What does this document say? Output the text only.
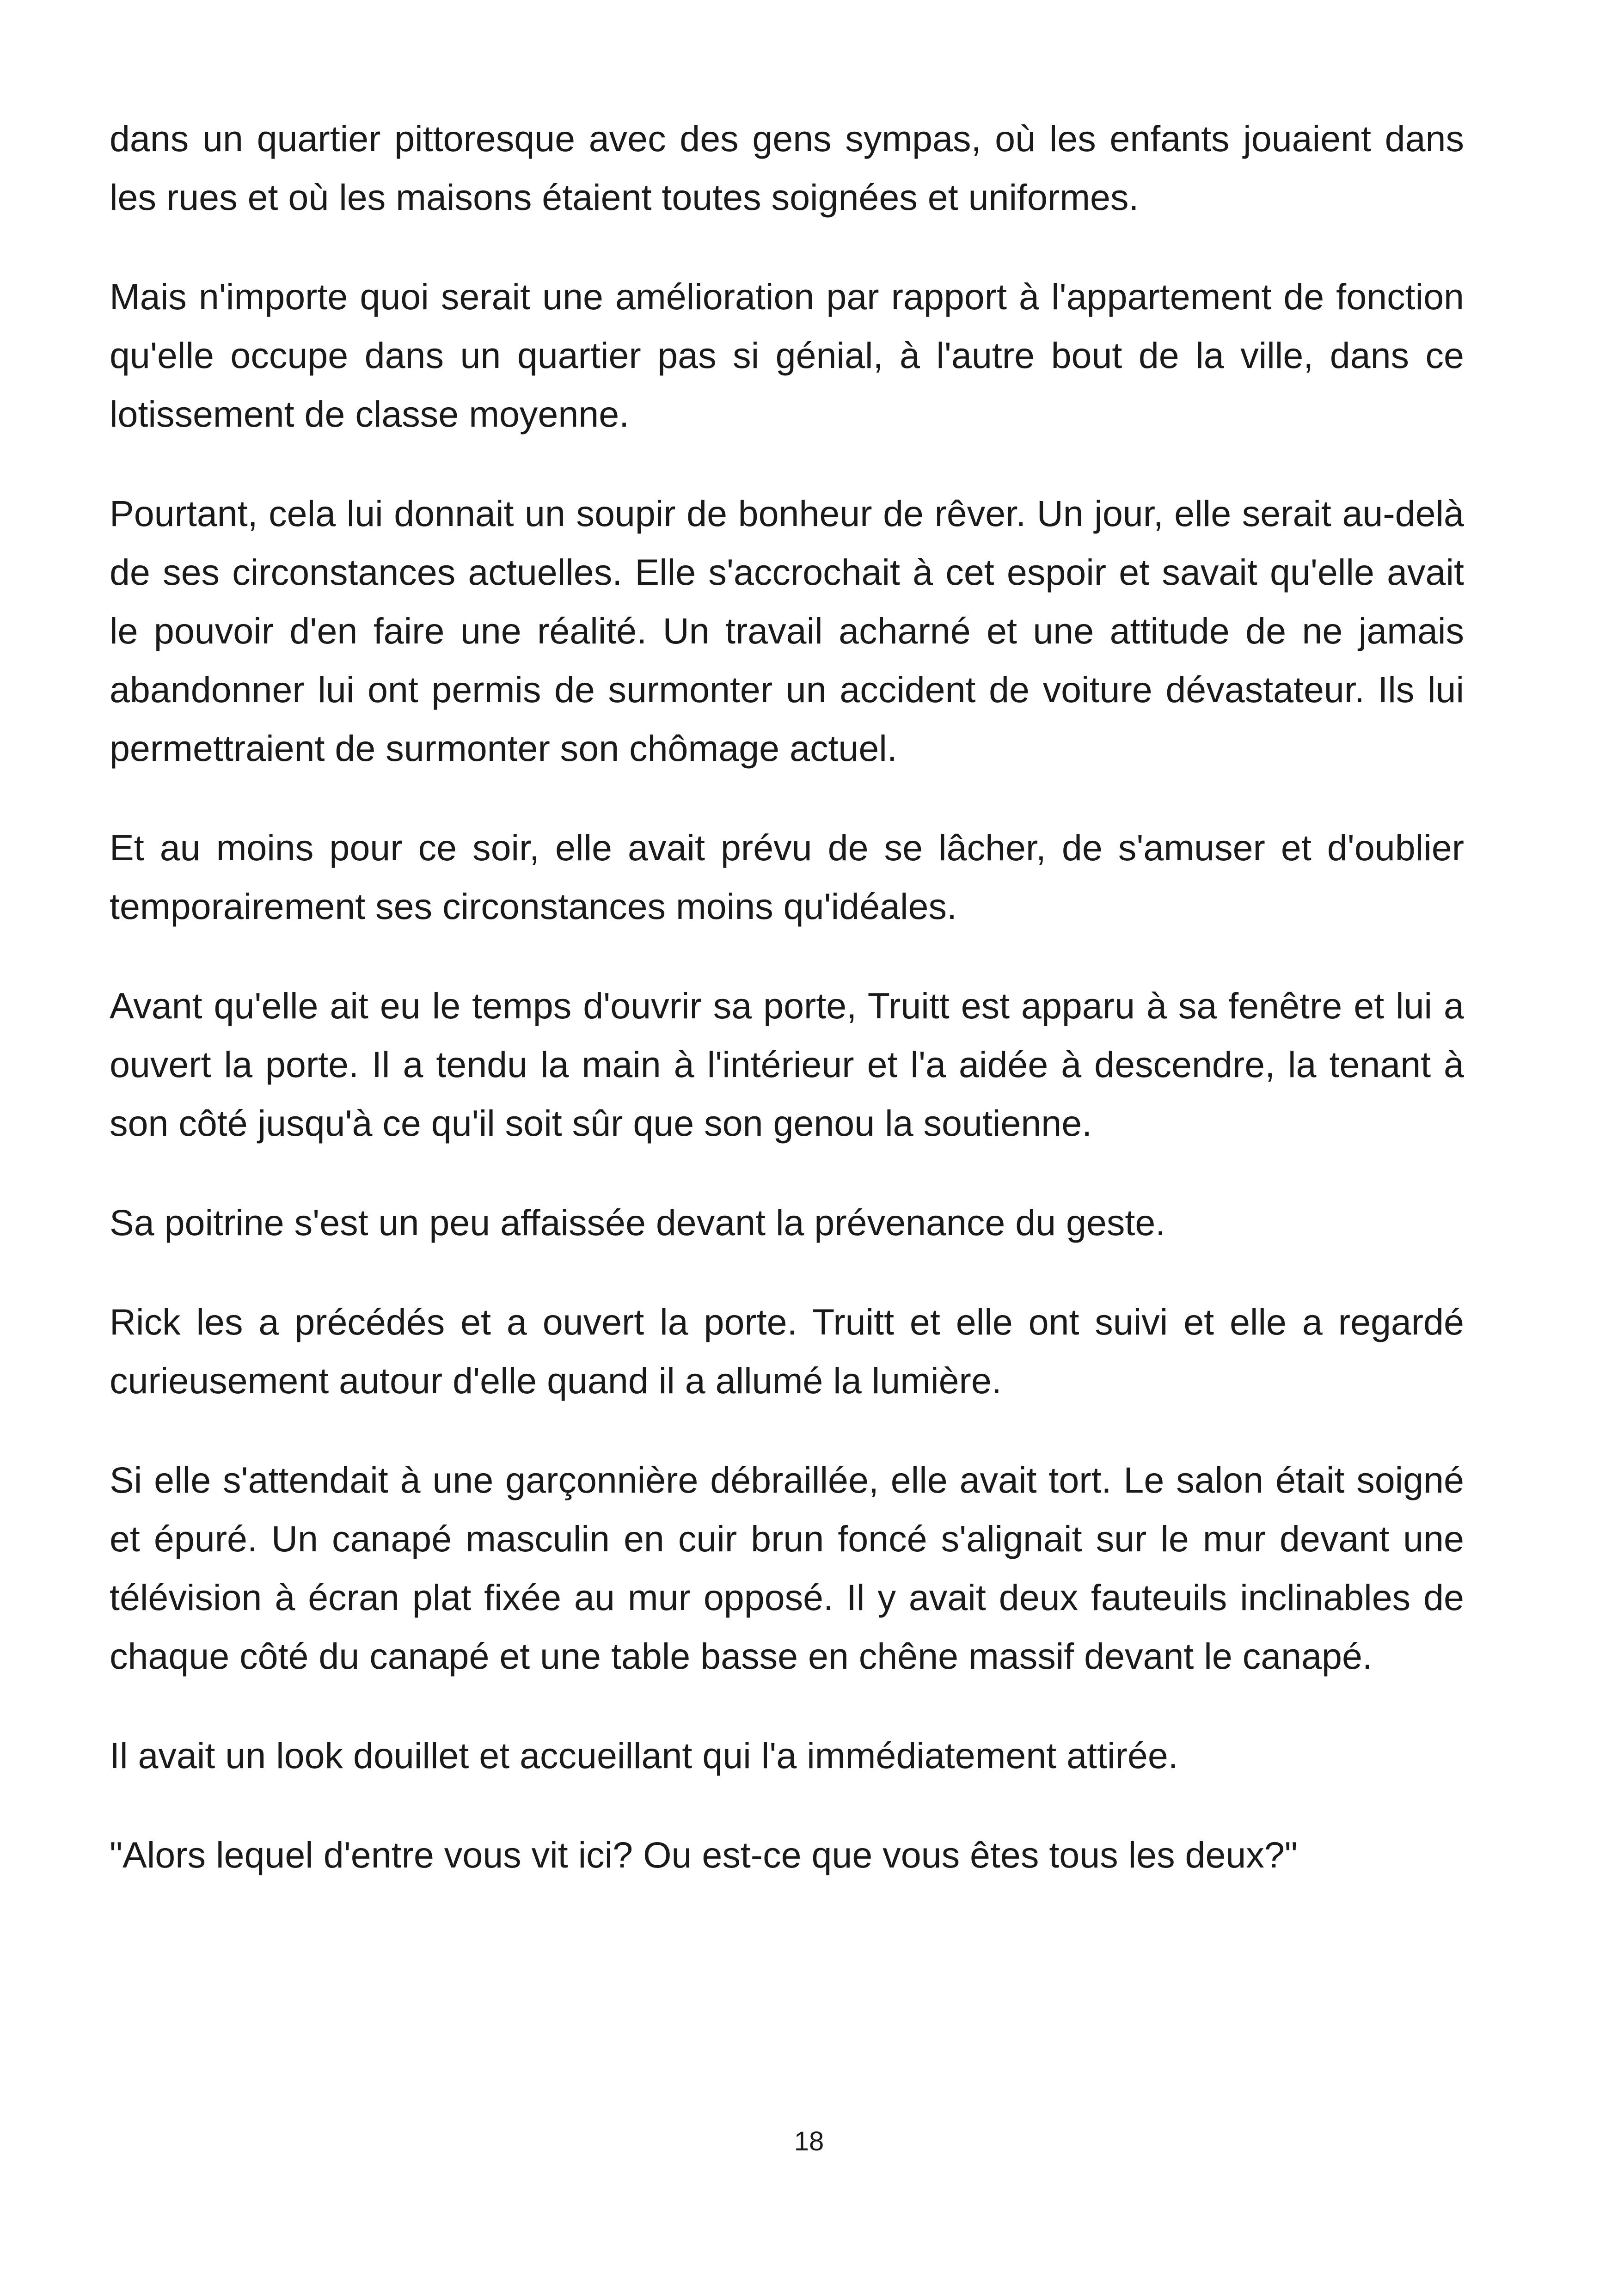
dans un quartier pittoresque avec des gens sympas, où les enfants jouaient dans les rues et où les maisons étaient toutes soignées et uniformes.

Mais n'importe quoi serait une amélioration par rapport à l'appartement de fonction qu'elle occupe dans un quartier pas si génial, à l'autre bout de la ville, dans ce lotissement de classe moyenne.

Pourtant, cela lui donnait un soupir de bonheur de rêver. Un jour, elle serait au-delà de ses circonstances actuelles. Elle s'accrochait à cet espoir et savait qu'elle avait le pouvoir d'en faire une réalité. Un travail acharné et une attitude de ne jamais abandonner lui ont permis de surmonter un accident de voiture dévastateur. Ils lui permettraient de surmonter son chômage actuel.

Et au moins pour ce soir, elle avait prévu de se lâcher, de s'amuser et d'oublier temporairement ses circonstances moins qu'idéales.

Avant qu'elle ait eu le temps d'ouvrir sa porte, Truitt est apparu à sa fenêtre et lui a ouvert la porte. Il a tendu la main à l'intérieur et l'a aidée à descendre, la tenant à son côté jusqu'à ce qu'il soit sûr que son genou la soutienne.

Sa poitrine s'est un peu affaissée devant la prévenance du geste.

Rick les a précédés et a ouvert la porte. Truitt et elle ont suivi et elle a regardé curieusement autour d'elle quand il a allumé la lumière.

Si elle s'attendait à une garçonnière débraillée, elle avait tort. Le salon était soigné et épuré. Un canapé masculin en cuir brun foncé s'alignait sur le mur devant une télévision à écran plat fixée au mur opposé. Il y avait deux fauteuils inclinables de chaque côté du canapé et une table basse en chêne massif devant le canapé.

Il avait un look douillet et accueillant qui l'a immédiatement attirée.

"Alors lequel d'entre vous vit ici? Ou est-ce que vous êtes tous les deux?"

18
